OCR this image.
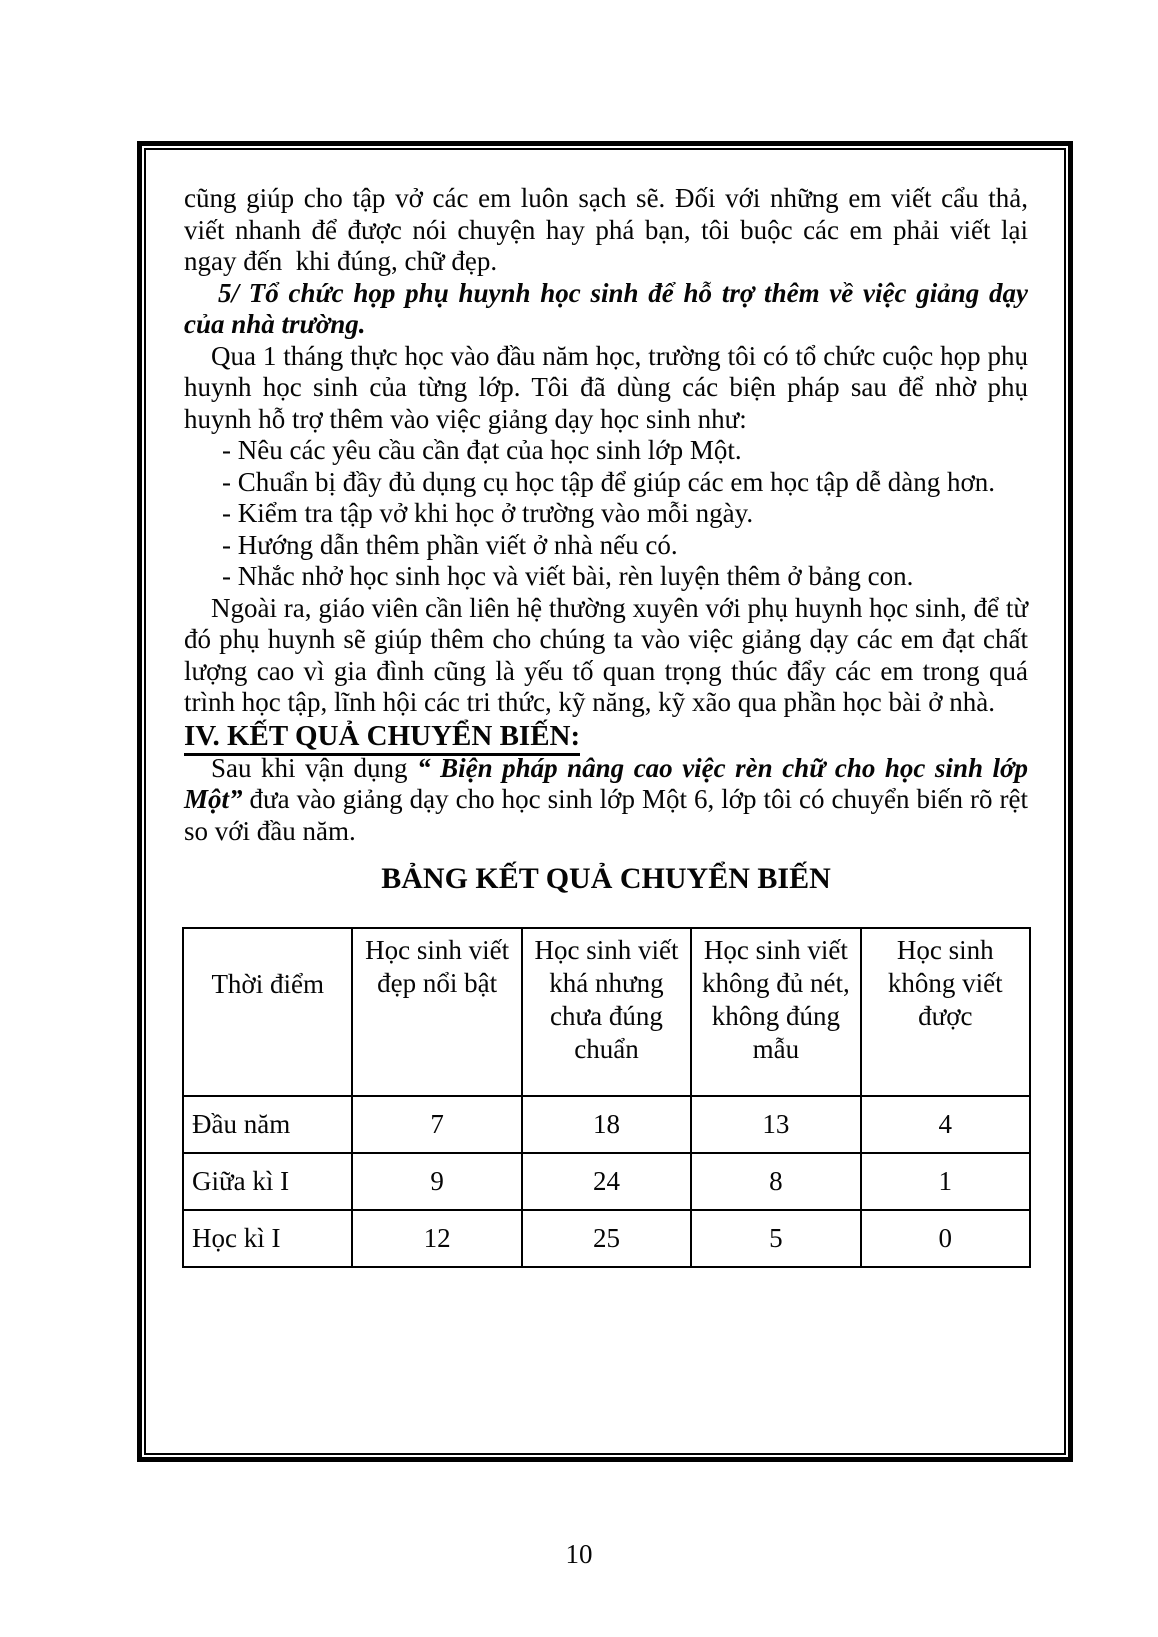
cũng giúp cho tập vở các em luôn sạch sẽ. Đối với những em viết cẩu thả, viết nhanh để được nói chuyện hay phá bạn, tôi buộc các em phải viết lại ngay đến  khi đúng, chữ đẹp.

5/ Tổ chức họp phụ huynh học sinh để hỗ trợ thêm về việc giảng dạy của nhà trường.

Qua 1 tháng thực học vào đầu năm học, trường tôi có tổ chức cuộc họp phụ huynh học sinh của từng lớp. Tôi đã dùng các biện pháp sau để nhờ phụ huynh hỗ trợ thêm vào việc giảng dạy học sinh như:

- Nêu các yêu cầu cần đạt của học sinh lớp Một.

- Chuẩn bị đầy đủ dụng cụ học tập để giúp các em học tập dễ dàng hơn.

- Kiểm tra tập vở khi học ở trường vào mỗi ngày.

- Hướng dẫn thêm phần viết ở nhà nếu có.

- Nhắc nhở học sinh học và viết bài, rèn luyện thêm ở bảng con.

Ngoài ra, giáo viên cần liên hệ thường xuyên với phụ huynh học sinh, để từ đó phụ huynh sẽ giúp thêm cho chúng ta vào việc giảng dạy các em đạt chất lượng cao vì gia đình cũng là yếu tố quan trọng thúc đẩy các em trong quá trình học tập, lĩnh hội các tri thức, kỹ năng, kỹ xão qua phần học bài ở nhà.

IV. KẾT QUẢ CHUYỂN BIẾN:

Sau khi vận dụng “ Biện pháp nâng cao việc rèn chữ cho học sinh lớp Một” đưa vào giảng dạy cho học sinh lớp Một 6, lớp tôi có chuyển biến rõ rệt so với đầu năm.

BẢNG KẾT QUẢ CHUYỂN BIẾN
Thời điểm	Học sinh viết đẹp nổi bật	Học sinh viết khá nhưng chưa đúng chuẩn	Học sinh viết không đủ nét, không đúng mẫu	Học sinh không viết được
Đầu năm	7	18	13	4
Giữa kì I	9	24	8	1
Học kì I	12	25	5	0
10
